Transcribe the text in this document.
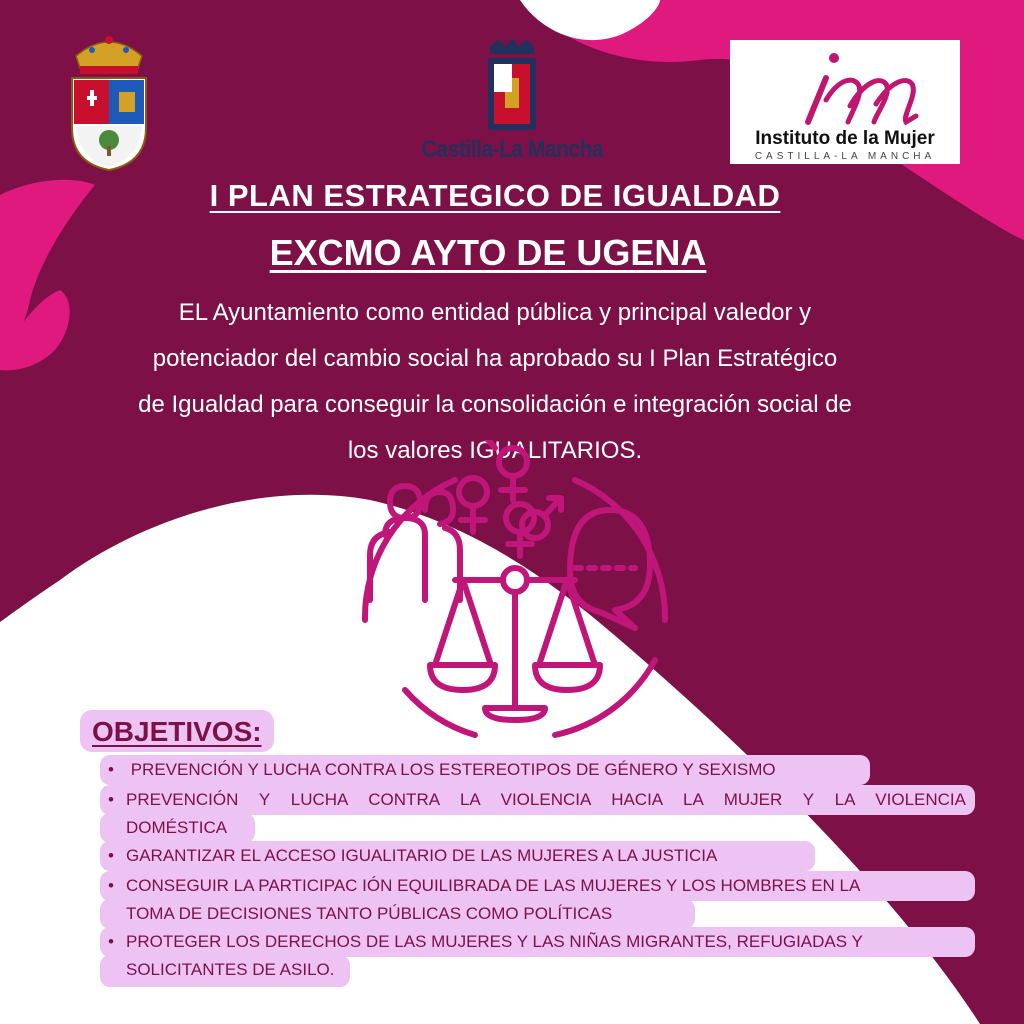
Castilla-La Mancha	Instituto de la Mujer
CASTILLA-LA MANCHA
I PLAN ESTRATEGICO DE IGUALDAD
EXCMO AYTO DE UGENA
EL Ayuntamiento como entidad pública y principal valedor y
potenciador del cambio social ha aprobado su I Plan Estratégico
de Igualdad para conseguir la consolidación e integración social de
los valores IGUALITARIOS.
OBJETIVOS:
• PREVENCIÓN Y LUCHA CONTRA LOS ESTEREOTIPOS DE GÉNERO Y SEXISMO
• PREVENCIÓN Y LUCHA CONTRA LA VIOLENCIA HACIA LA MUJER Y LA VIOLENCIA
DOMÉSTICA
• GARANTIZAR EL ACCESO IGUALITARIO DE LAS MUJERES A LA JUSTICIA
• CONSEGUIR LA PARTICIPAC IÓN EQUILIBRADA DE LAS MUJERES Y LOS HOMBRES EN LA
TOMA DE DECISIONES TANTO PÚBLICAS COMO POLÍTICAS
• PROTEGER LOS DERECHOS DE LAS MUJERES Y LAS NIÑAS MIGRANTES, REFUGIADAS Y
SOLICITANTES DE ASILO.
